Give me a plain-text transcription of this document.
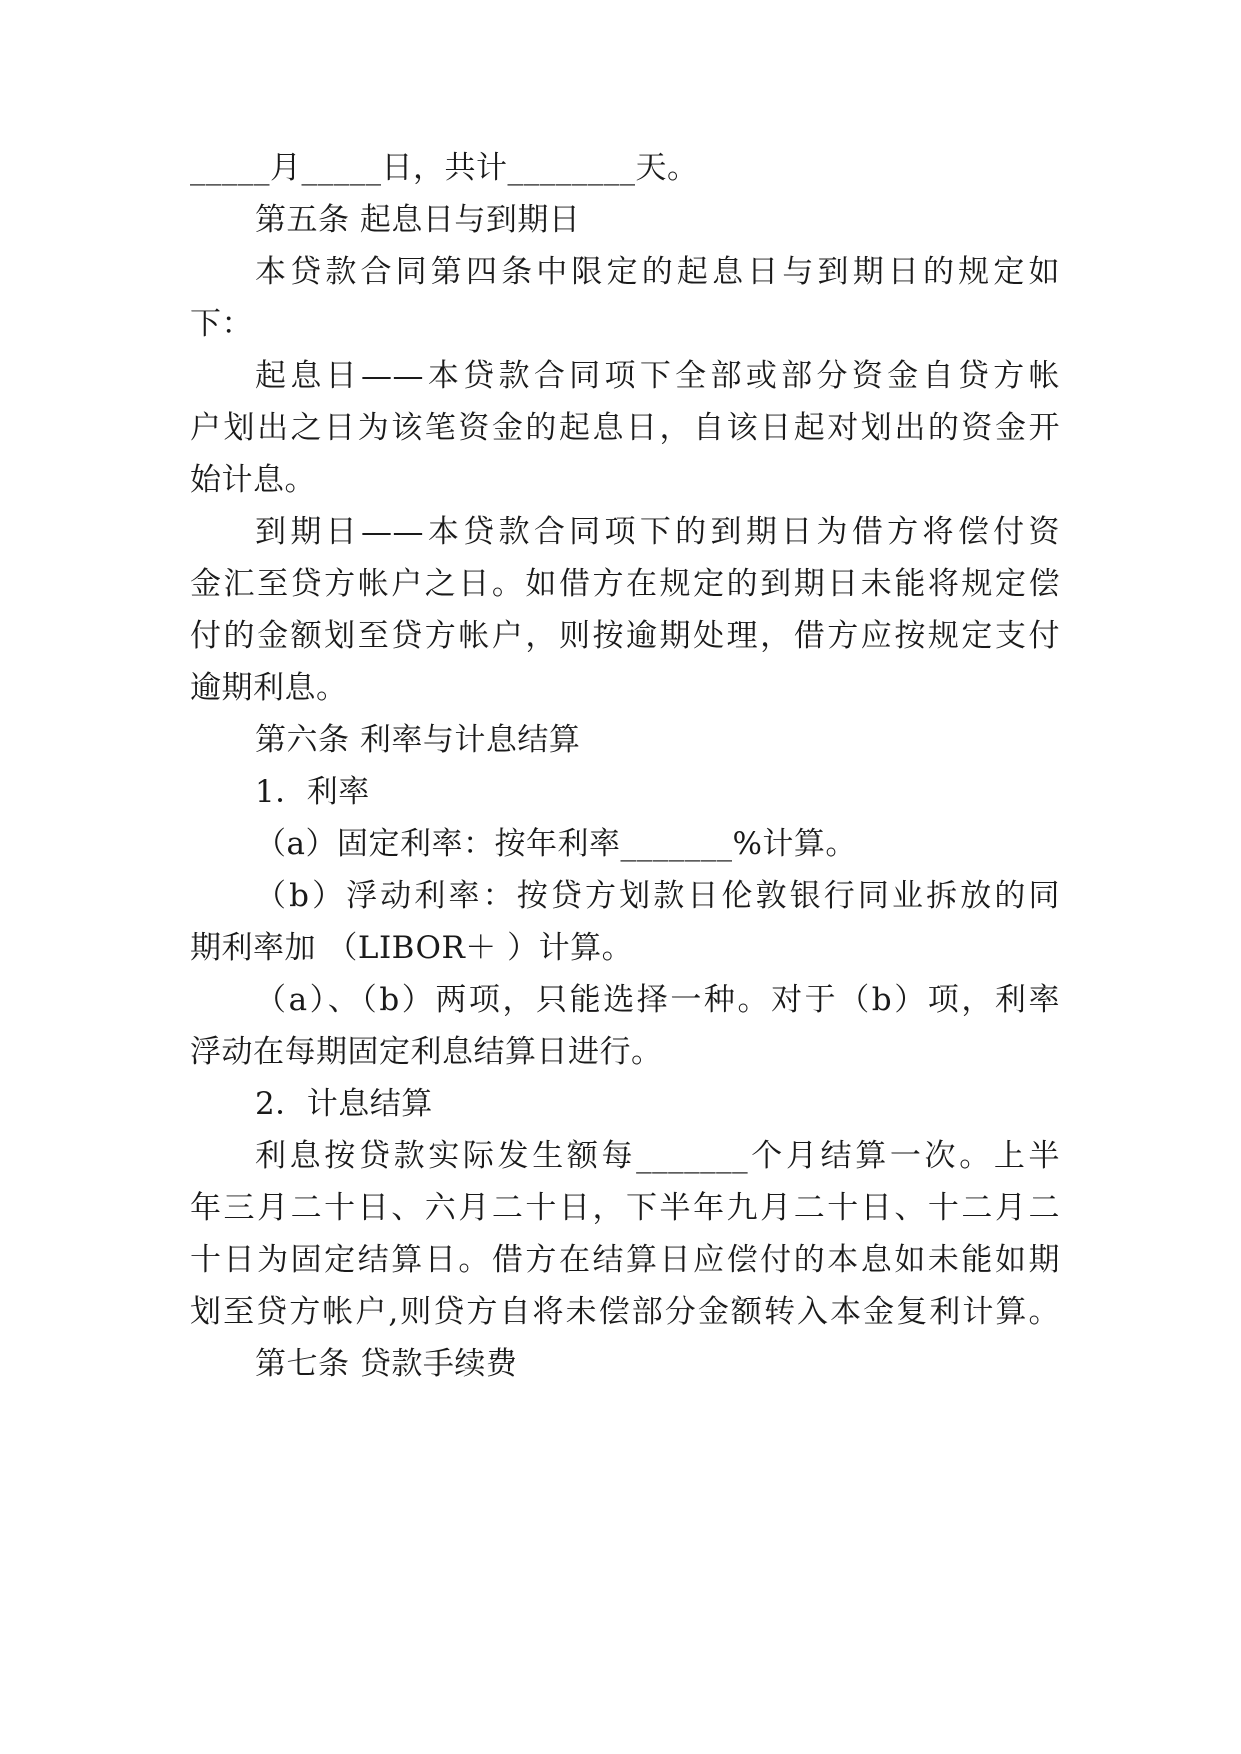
_____月_____日，共计________天。
第五条 起息日与到期日
本贷款合同第四条中限定的起息日与到期日的规定如
下：
起息日——本贷款合同项下全部或部分资金自贷方帐
户划出之日为该笔资金的起息日，自该日起对划出的资金开
始计息。
到期日——本贷款合同项下的到期日为借方将偿付资
金汇至贷方帐户之日。如借方在规定的到期日未能将规定偿
付的金额划至贷方帐户，则按逾期处理，借方应按规定支付
逾期利息。
第六条 利率与计息结算
1．利率
（a）固定利率：按年利率_______%计算。
（b）浮动利率：按贷方划款日伦敦银行同业拆放的同
期利率加 （LIBOR＋ ）计算。
（a）、（b）两项，只能选择一种。对于（b）项，利率
浮动在每期固定利息结算日进行。
2．计息结算
利息按贷款实际发生额每_______个月结算一次。上半
年三月二十日、六月二十日，下半年九月二十日、十二月二
十日为固定结算日。借方在结算日应偿付的本息如未能如期
划至贷方帐户,则贷方自将未偿部分金额转入本金复利计算。
第七条 贷款手续费
